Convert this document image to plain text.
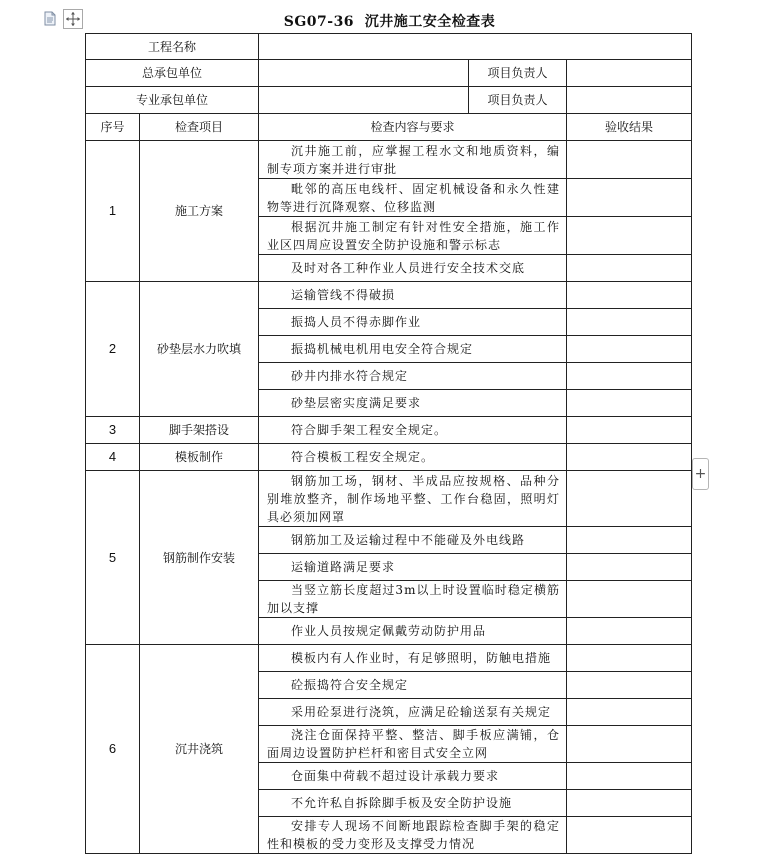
SG07-36  沉井施工安全检查表
工程名称				
总承包单位			项目负责人	
专业承包单位			项目负责人	
序号	检查项目	检查内容与要求		验收结果
1	施工方案	沉井施工前，应掌握工程水文和地质资料，编制专项方案并进行审批		
		毗邻的高压电线杆、固定机械设备和永久性建物等进行沉降观察、位移监测		
		根据沉井施工制定有针对性安全措施，施工作业区四周应设置安全防护设施和警示标志		
		及时对各工种作业人员进行安全技术交底		
2	砂垫层水力吹填	运输管线不得破损		
		振捣人员不得赤脚作业		
		振捣机械电机用电安全符合规定		
		砂井内排水符合规定		
		砂垫层密实度满足要求		
3	脚手架搭设	符合脚手架工程安全规定。		
4	模板制作	符合模板工程安全规定。		
5	钢筋制作安装	钢筋加工场，钢材、半成品应按规格、品种分别堆放整齐，制作场地平整、工作台稳固，照明灯具必须加网罩		
		钢筋加工及运输过程中不能碰及外电线路		
		运输道路满足要求		
		当竖立筋长度超过3m以上时设置临时稳定横筋加以支撑		
		作业人员按规定佩戴劳动防护用品		
6	沉井浇筑	模板内有人作业时，有足够照明，防触电措施		
		砼振捣符合安全规定		
		采用砼泵进行浇筑，应满足砼输送泵有关规定		
		浇注仓面保持平整、整洁、脚手板应满铺，仓面周边设置防护栏杆和密目式安全立网		
		仓面集中荷载不超过设计承载力要求		
		不允许私自拆除脚手板及安全防护设施		
		安排专人现场不间断地跟踪检查脚手架的稳定性和模板的受力变形及支撑受力情况		
+
